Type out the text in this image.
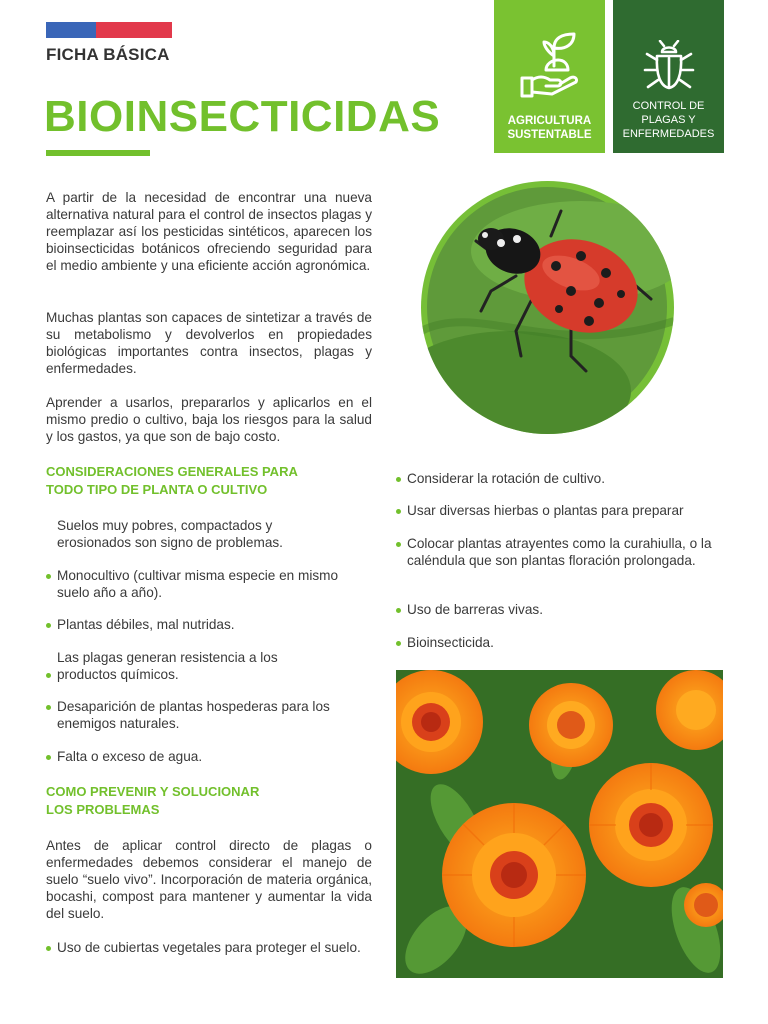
FICHA BÁSICA
BIOINSECTICIDAS	AGRICULTURA SUSTENTABLE
CONTROL DE
PLAGAS Y
ENFERMEDADES
A partir de la necesidad de encontrar una nueva alternativa natural para el control de insectos plagas y reemplazar así los pesticidas sintéticos, aparecen los bioinsecticidas botánicos ofreciendo seguridad para el medio ambiente y una eficiente acción agronómica.
Muchas plantas son capaces de sintetizar a través de su metabolismo y devolverlos en propiedades biológicas importantes contra insectos, plagas y enfermedades.
Aprender a usarlos, prepararlos y aplicarlos en el mismo predio o cultivo, baja los riesgos para la salud y los gastos, ya que son de bajo costo.
CONSIDERACIONES GENERALES PARA
TODO TIPO DE PLANTA O CULTIVO
Suelos muy pobres, compactados y erosionados son signo de problemas.
Monocultivo (cultivar misma especie en mismo suelo año a año).
Plantas débiles, mal nutridas.
Las plagas generan resistencia a los productos químicos.
Desaparición de plantas hospederas para los enemigos naturales.
Falta o exceso de agua.
COMO PREVENIR Y SOLUCIONAR
LOS PROBLEMAS
Antes de aplicar control directo de plagas o enfermedades debemos considerar el manejo de suelo “suelo vivo”. Incorporación de materia orgánica, bocashi, compost para mantener y aumentar la vida del suelo.
Uso de cubiertas vegetales para proteger el suelo.
Considerar la rotación de cultivo.
Usar diversas hierbas o plantas para preparar
Colocar plantas atrayentes como la curahiulla, o la caléndula que son plantas floración prolongada.
Uso de barreras vivas.
Bioinsecticida.
